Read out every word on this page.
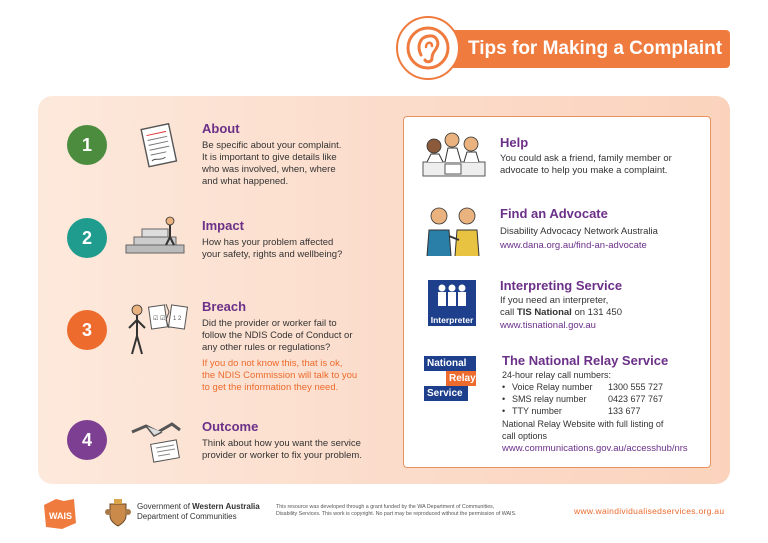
Tips for Making a Complaint
1
2
3
4
☑ ☑ 1 2
About
Be specific about your complaint.
It is important to give details like
who was involved, when, where
and what happened.
Impact
How has your problem affected
your safety, rights and wellbeing?
Breach
Did the provider or worker fail to
follow the NDIS Code of Conduct or
any other rules or regulations?
If you do not know this, that is ok,
the NDIS Commission will talk to you
to get the information they need.
Outcome
Think about how you want the service
provider or worker to fix your problem.
Help
You could ask a friend, family member or
advocate to help you make a complaint.
Find an Advocate
Disability Advocacy Network Australia
www.dana.org.au/find-an-advocate
Interpreter
Interpreting Service
If you need an interpreter,
call TIS National on 131 450
www.tisnational.gov.au
National
Relay
Service
The National Relay Service
24-hour relay call numbers:
• Voice Relay number	1300 555 727
• SMS relay number	0423 677 767
• TTY number	133 677
National Relay Website with full listing of
call options
www.communications.gov.au/accesshub/nrs
WAIS
Government of Western Australia
Department of Communities
This resource was developed through a grant funded by the WA Department of Communities,
Disability Services. This work is copyright. No part may be reproduced without the permission of WAIS.	www.waindividualisedservices.org.au
